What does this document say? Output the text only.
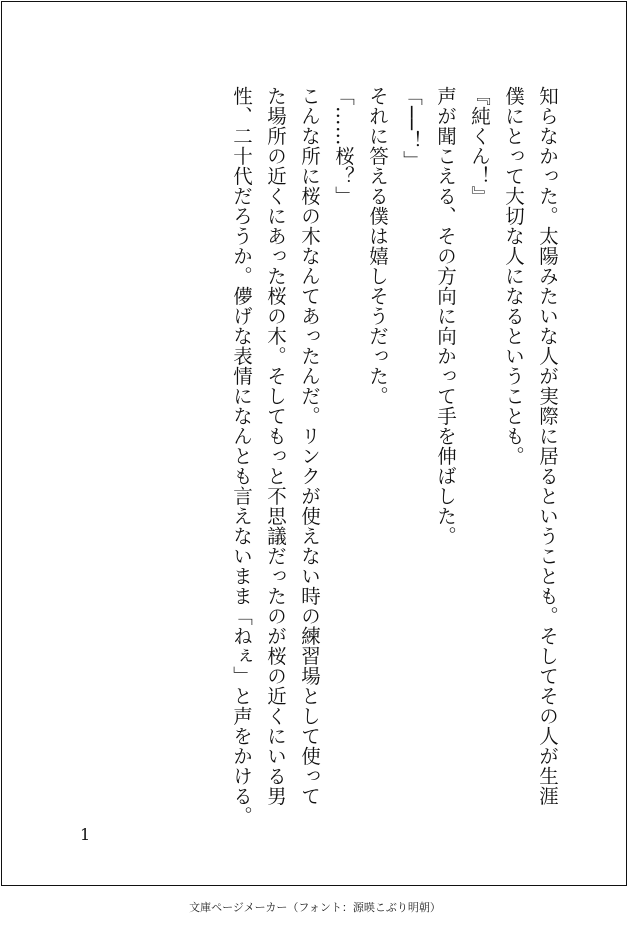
知らなかった。太陽みたいな人が実際に居るということも。そしてその人が生涯
僕にとって大切な人になるということも。
『純くん！』
声が聞こえる、その方向に向かって手を伸ばした。
「──！」
それに答える僕は嬉しそうだった。
「……桜？」
こんな所に桜の木なんてあったんだ。リンクが使えない時の練習場として使って
た場所の近くにあった桜の木。そしてもっと不思議だったのが桜の近くにいる男
性、二十代だろうか。儚げな表情になんとも言えないまま「ねぇ」と声をかける。
1
文庫ページメーカー（フォント：源暎こぶり明朝）
